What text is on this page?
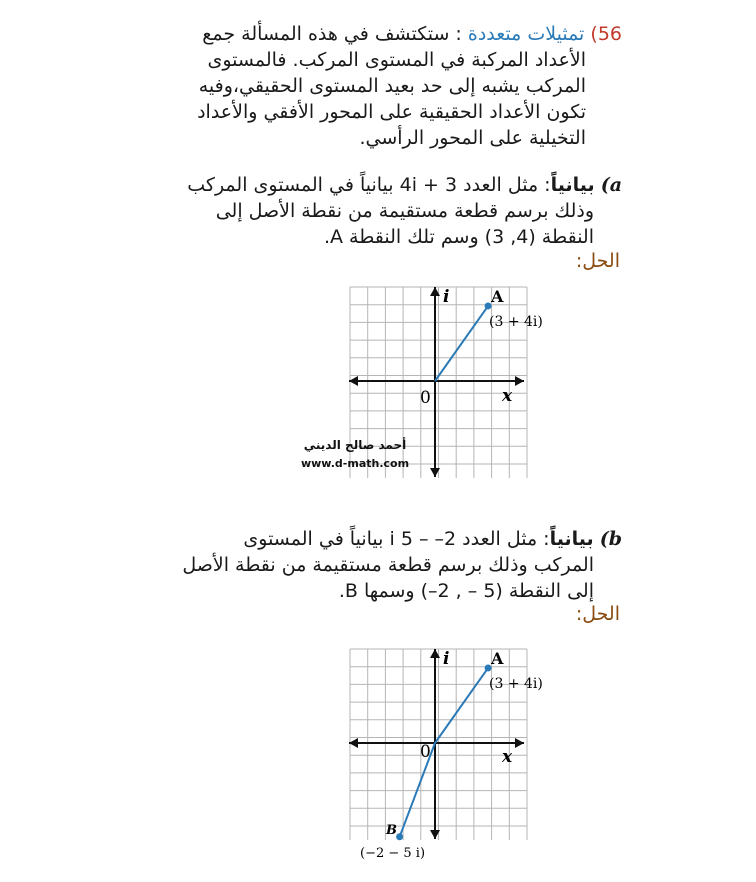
56) تمثيلات متعددة : ستكتشف في هذه المسألة جمع

الأعداد المركبة في المستوى المركب. فالمستوى

المركب يشبه إلى حد بعيد المستوى الحقيقي،وفيه

تكون الأعداد الحقيقية على المحور الأفقي والأعداد

التخيلية على المحور الرأسي.

a) بيانياً: مثل العدد 3 + 4i بيانياً في المستوى المركب

وذلك برسم قطعة مستقيمة من نقطة الأصل إلى

النقطة (4, 3) وسم تلك النقطة A.

الحل:
x
i
0
A
(3 + 4i)
أحمد صالح الديني
www.d-math.com

b) بيانياً: مثل العدد 2– – 5 i بيانياً في المستوى

المركب وذلك برسم قطعة مستقيمة من نقطة الأصل

إلى النقطة (5 – , 2–) وسمها B.

الحل:
x
i
0
A
(3 + 4i)
B
(−2 − 5 i)
